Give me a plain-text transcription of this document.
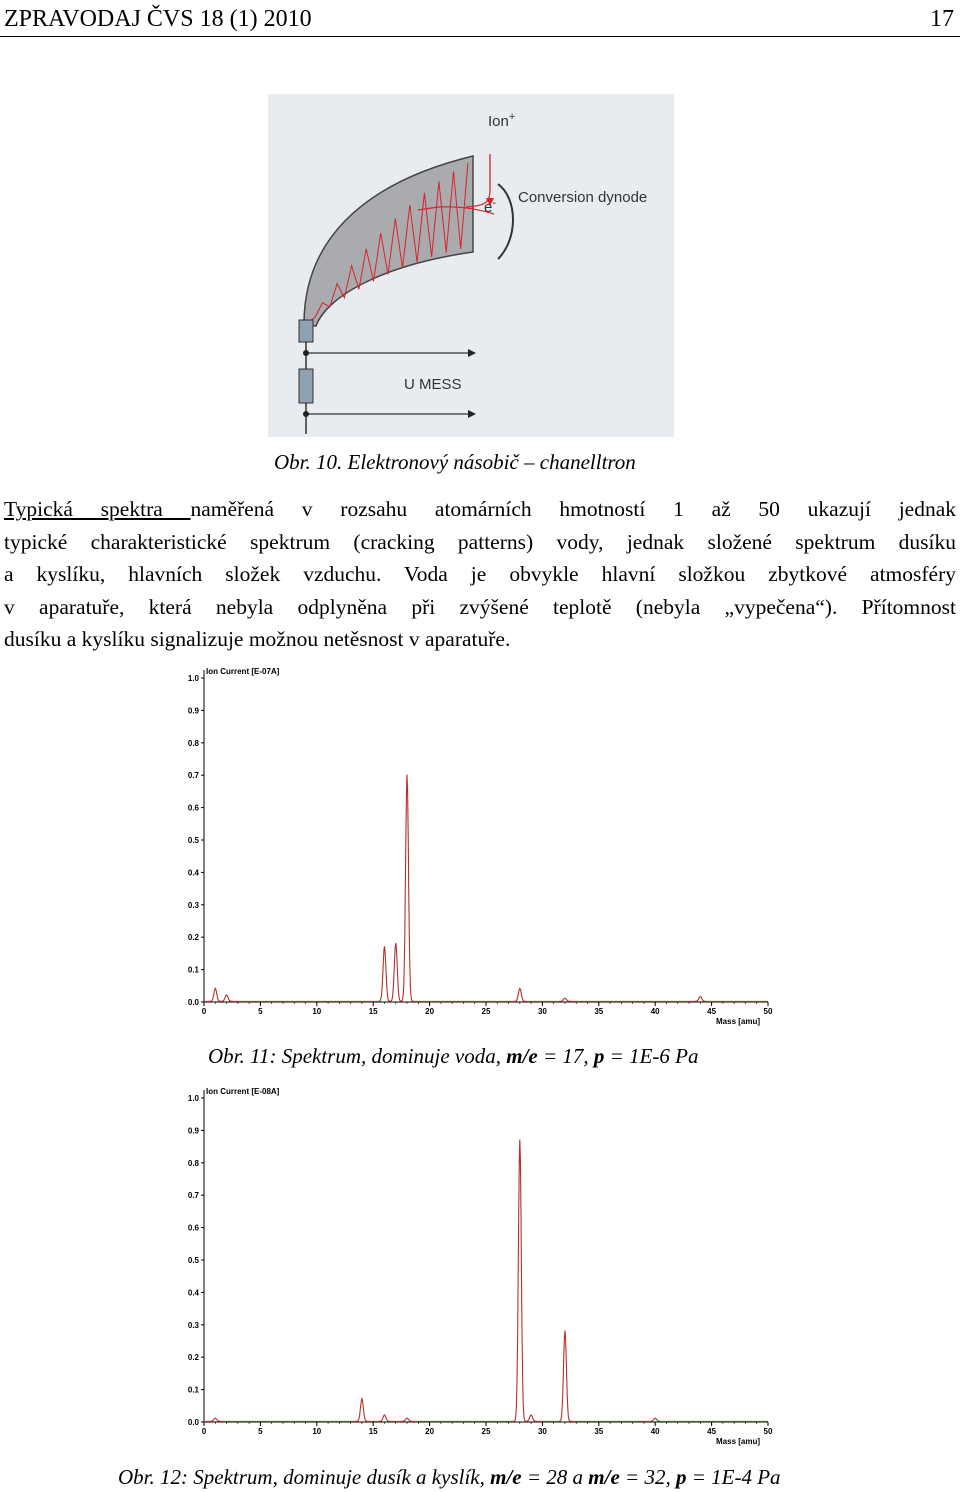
ZPRAVODAJ ČVS 18 (1) 2010	17
Ion+
e- Conversion dynode
U MESS
Obr. 10. Elektronový násobič – chanelltron

Typická spektra naměřená v rozsahu atomárních hmotností 1 až 50 ukazují jednak

typické charakteristické spektrum (cracking patterns) vody, jednak složené spektrum dusíku

a kyslíku, hlavních složek vzduchu. Voda je obvykle hlavní složkou zbytkové atmosféry

v aparatuře, která nebyla odplyněna při zvýšené teplotě (nebyla „vypečena“). Přítomnost

dusíku a kyslíku signalizuje možnou netěsnost v aparatuře.

Ion Current [E-07A]
0.0
0.1
0.2
0.3
0.4
0.5
0.6
0.7
0.8
0.9
1.0
0	5	10	15	20	25	30	35	40	45	50
Mass [amu]
Obr. 11: Spektrum, dominuje voda, m/e = 17, p = 1E-6 Pa
Ion Current [E-08A]
0.0
0.1
0.2
0.3
0.4
0.5
0.6
0.7
0.8
0.9
1.0
0	5	10	15	20	25	30	35	40	45	50
Mass [amu]
Obr. 12: Spektrum, dominuje dusík a kyslík, m/e = 28 a m/e = 32, p = 1E-4 Pa
